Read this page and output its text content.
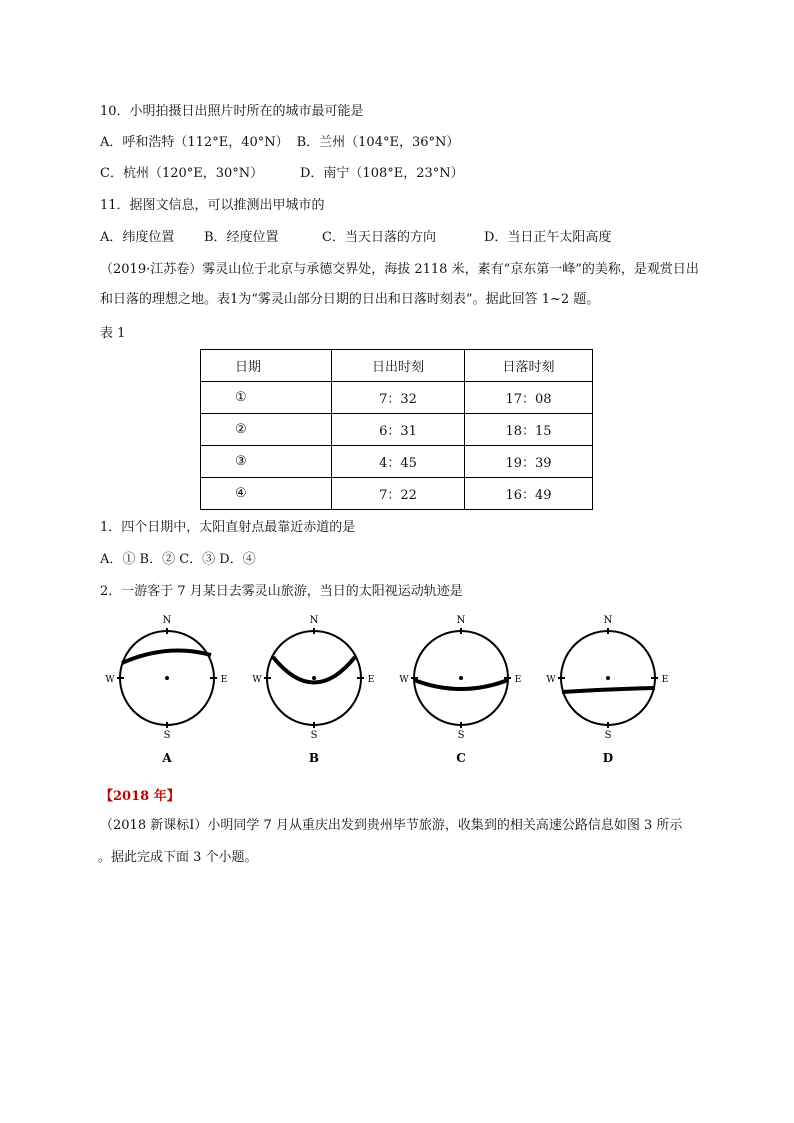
10．小明拍摄日出照片时所在的城市最可能是
A．呼和浩特（112°E，40°N） B．兰州（104°E，36°N）
C．杭州（120°E，30°N）	D．南宁（108°E，23°N）
11．据图文信息，可以推测出甲城市的
A．纬度位置 B．经度位置	C．当天日落的方向	D．当日正午太阳高度
（2019·江苏卷）雾灵山位于北京与承德交界处，海拔 2118 米，素有“京东第一峰”的美称，是观赏日出
和日落的理想之地。表1为“雾灵山部分日期的日出和日落时刻表”。据此回答 1~2 题。
表 1
日期	日出时刻	日落时刻
①	7：32	17：08
②	6：31	18：15
③	4：45	19：39
④	7：22	16：49
1．四个日期中，太阳直射点最靠近赤道的是
A．① B．② C．③ D．④
2．一游客于 7 月某日去雾灵山旅游，当日的太阳视运动轨迹是
N
S
W	E
A
N
S
W	E
B
N
S
W	E
C
N
S
W	E
D
【2018 年】
（2018 新课标Ⅰ）小明同学 7 月从重庆出发到贵州毕节旅游，收集到的相关高速公路信息如图 3 所示
。据此完成下面 3 个小题。
